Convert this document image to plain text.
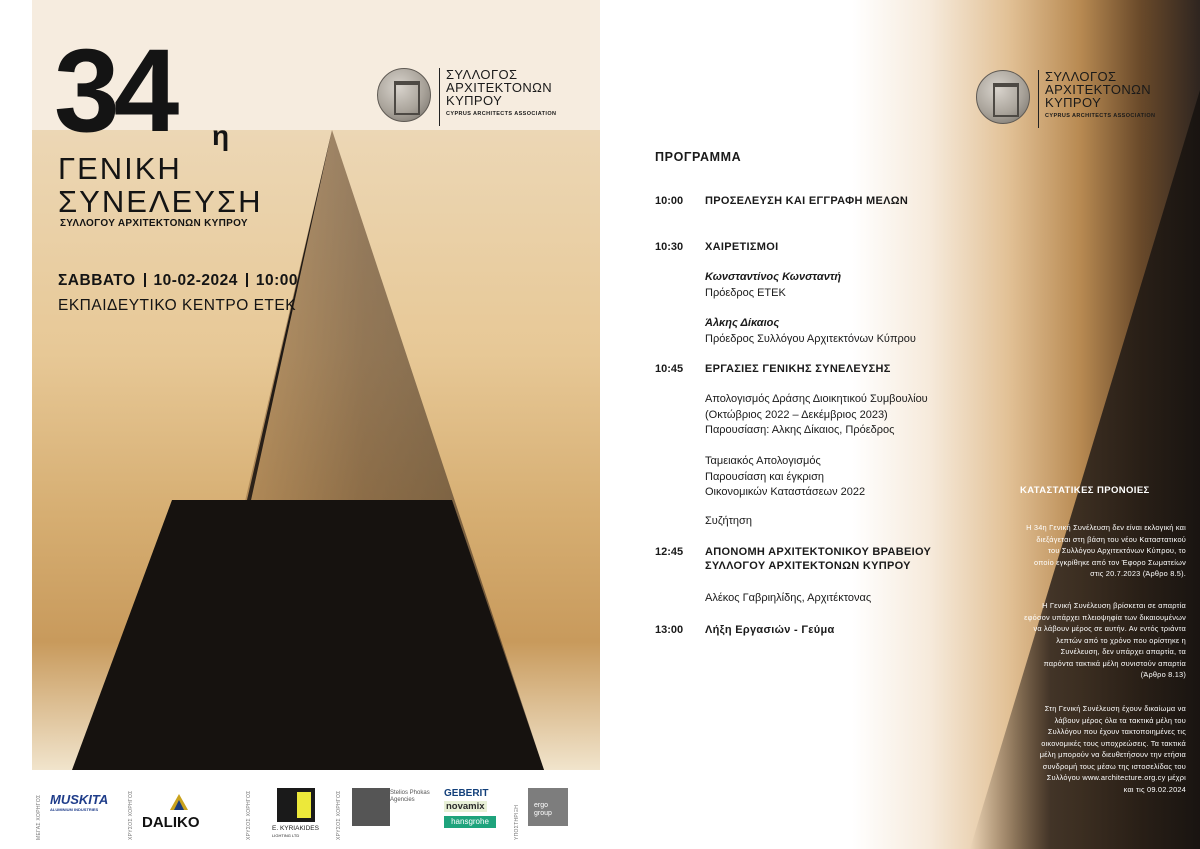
34 η
ΓΕΝΙΚΗ
ΣΥΝΕΛΕΥΣΗ
ΣΥΛΛΟΓΟΥ ΑΡΧΙΤΕΚΤΟΝΩΝ ΚΥΠΡΟΥ
ΣΑΒΒΑΤΟ 10-02-2024 10:00
ΕΚΠΑΙΔΕΥΤΙΚΟ ΚΕΝΤΡΟ ΕΤΕΚ
ΣΥΛΛΟΓΟΣ
ΑΡΧΙΤΕΚΤΟΝΩΝ
ΚΥΠΡΟΥ
CYPRUS ARCHITECTS ASSOCIATION
ΜΕΓΑΣ ΧΟΡΗΓΟΣ MUSKITA
ALUMINIUM INDUSTRIES	ΧΡΥΣΟΣ ΧΟΡΗΓΟΣ DALIKO	ΧΡΥΣΟΣ ΧΟΡΗΓΟΣ	E. KYRIAKIDES
LIGHTING LTD	ΧΡΥΣΟΣ ΧΟΡΗΓΟΣ	Stelios Phokas
Agencies
GEBERIT
novamix
hansgrohe	ΥΠΟΣΤΗΡΙΞΗ	ergo
group
ΣΥΛΛΟΓΟΣ
ΑΡΧΙΤΕΚΤΟΝΩΝ
ΚΥΠΡΟΥ
CYPRUS ARCHITECTS ASSOCIATION
ΠΡΟΓΡΑΜΜΑ
10:00	ΠΡΟΣΕΛΕΥΣΗ ΚΑΙ ΕΓΓΡΑΦΗ ΜΕΛΩΝ
10:30	ΧΑΙΡΕΤΙΣΜΟΙ
Κωνσταντίνος Κωνσταντή
Πρόεδρος ΕΤΕΚ
Άλκης Δίκαιος
Πρόεδρος Συλλόγου Αρχιτεκτόνων Κύπρου
10:45	ΕΡΓΑΣΙΕΣ ΓΕΝΙΚΗΣ ΣΥΝΕΛΕΥΣΗΣ
Απολογισμός Δράσης Διοικητικού Συμβουλίου
(Οκτώβριος 2022 – Δεκέμβριος 2023)
Παρουσίαση: Αλκης Δίκαιος, Πρόεδρος
Ταμειακός Απολογισμός
Παρουσίαση και έγκριση
Οικονομικών Καταστάσεων 2022
Συζήτηση
12:45	ΑΠΟΝΟΜΗ ΑΡΧΙΤΕΚΤΟΝΙΚΟΥ ΒΡΑΒΕΙΟΥ
ΣΥΛΛΟΓΟΥ ΑΡΧΙΤΕΚΤΟΝΩΝ ΚΥΠΡΟΥ
Αλέκος Γαβριηλίδης, Αρχιτέκτονας
13:00	Λήξη Εργασιών - Γεύμα
ΚΑΤΑΣΤΑΤΙΚΕΣ ΠΡΟΝΟΙΕΣ
Η 34η Γενική Συνέλευση δεν είναι εκλογική και
διεξάγεται στη βάση του νέου Καταστατικού
του Συλλόγου Αρχιτεκτόνων Κύπρου, το
οποίο εγκρίθηκε από τον Έφορο Σωματείων
στις 20.7.2023 (Άρθρο 8.5).
Η Γενική Συνέλευση βρίσκεται σε απαρτία
εφόσον υπάρχει πλειοψηφία των δικαιουμένων
να λάβουν μέρος σε αυτήν. Αν εντός τριάντα
λεπτών από το χρόνο που ορίστηκε η
Συνέλευση, δεν υπάρχει απαρτία, τα
παρόντα τακτικά μέλη συνιστούν απαρτία
(Άρθρο 8.13)
Στη Γενική Συνέλευση έχουν δικαίωμα να
λάβουν μέρος όλα τα τακτικά μέλη του
Συλλόγου που έχουν τακτοποιημένες τις
οικονομικές τους υποχρεώσεις. Τα τακτικά
μέλη μπορούν να διευθετήσουν την ετήσια
συνδρομή τους μέσω της ιστοσελίδας του
Συλλόγου www.architecture.org.cy μέχρι
και τις 09.02.2024
